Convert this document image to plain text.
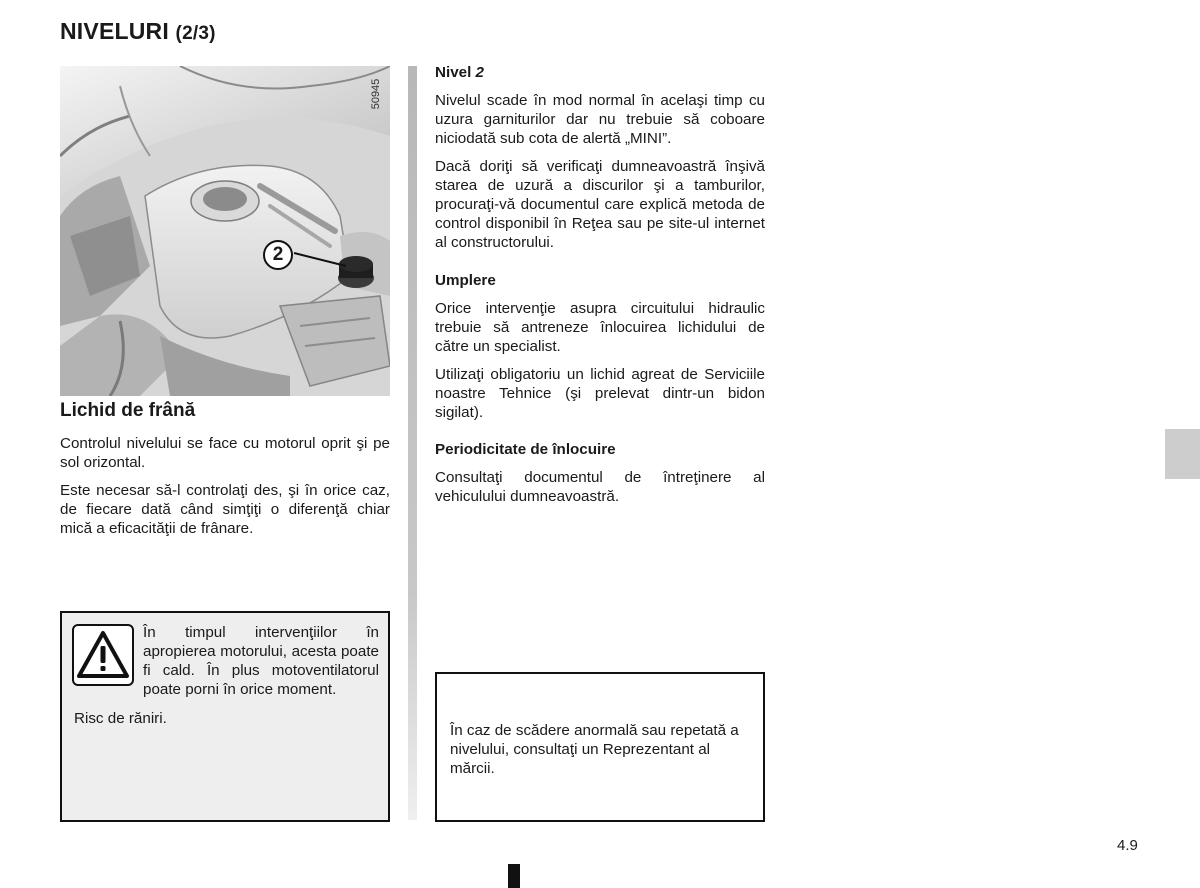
NIVELURI (2/3)
50945
2
Lichid de frână

Controlul nivelului se face cu motorul oprit şi pe sol orizontal.

Este necesar să-l controlaţi des, şi în orice caz, de fiecare dată când simţiţi o diferenţă chiar mică a eficacităţii de frânare.

În timpul intervenţiilor în apropierea motorului, acesta poate fi cald. În plus motoventilatorul poate porni în orice moment.

Risc de răniri.

Nivel 2

Nivelul scade în mod normal în acelaşi timp cu uzura garniturilor dar nu trebuie să coboare niciodată sub cota de alertă „MINI”.

Dacă doriţi să verificaţi dumneavoastră înşivă starea de uzură a discurilor şi a tamburilor, procuraţi-vă documentul care explică metoda de control disponibil în Reţea sau pe site-ul internet al constructorului.

Umplere

Orice intervenţie asupra circuitului hidraulic trebuie să antreneze înlocuirea lichidului de către un specialist.

Utilizaţi obligatoriu un lichid agreat de Serviciile noastre Tehnice (şi prelevat dintr-un bidon sigilat).

Periodicitate de înlocuire

Consultaţi documentul de întreţinere al vehiculului dumneavoastră.

În caz de scădere anormală sau repetată a nivelului, consultaţi un Reprezentant al mărcii.

4.9
